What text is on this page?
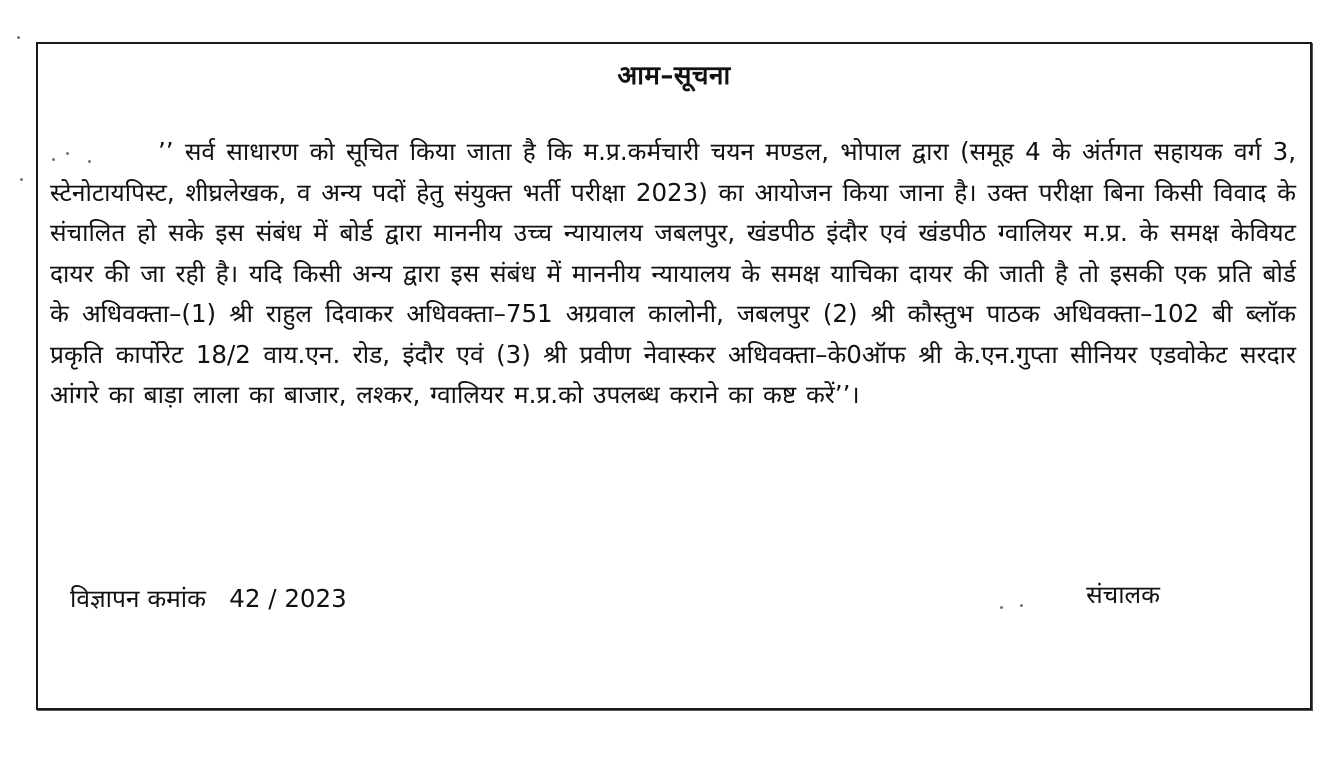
आम–सूचना
’’ सर्व साधारण को सूचित किया जाता है कि म.प्र.कर्मचारी चयन मण्डल, भोपाल द्वारा (समूह 4 के अंर्तगत सहायक वर्ग 3, स्टेनोटायपिस्ट, शीघ्रलेखक, व अन्य पदों हेतु संयुक्त भर्ती परीक्षा 2023) का आयोजन किया जाना है। उक्त परीक्षा बिना किसी विवाद के संचालित हो सके इस संबंध में बोर्ड द्वारा माननीय उच्च न्यायालय जबलपुर, खंडपीठ इंदौर एवं खंडपीठ ग्वालियर म.प्र. के समक्ष केवियट दायर की जा रही है। यदि किसी अन्य द्वारा इस संबंध में माननीय न्यायालय के समक्ष याचिका दायर की जाती है तो इसकी एक प्रति बोर्ड के अधिवक्ता–(1) श्री राहुल दिवाकर अधिवक्ता–751 अग्रवाल कालोनी, जबलपुर (2) श्री कौस्तुभ पाठक अधिवक्ता–102 बी ब्लॉक प्रकृति कार्पोरेट 18/2 वाय.एन. रोड, इंदौर एवं (3) श्री प्रवीण नेवास्कर अधिवक्ता–के0ऑफ श्री के.एन.गुप्ता सीनियर एडवोकेट सरदार आंगरे का बाड़ा लाला का बाजार, लश्कर, ग्वालियर म.प्र.को उपलब्ध कराने का कष्ट करें’’।
विज्ञापन कमांक   42 / 2023	संचालक
